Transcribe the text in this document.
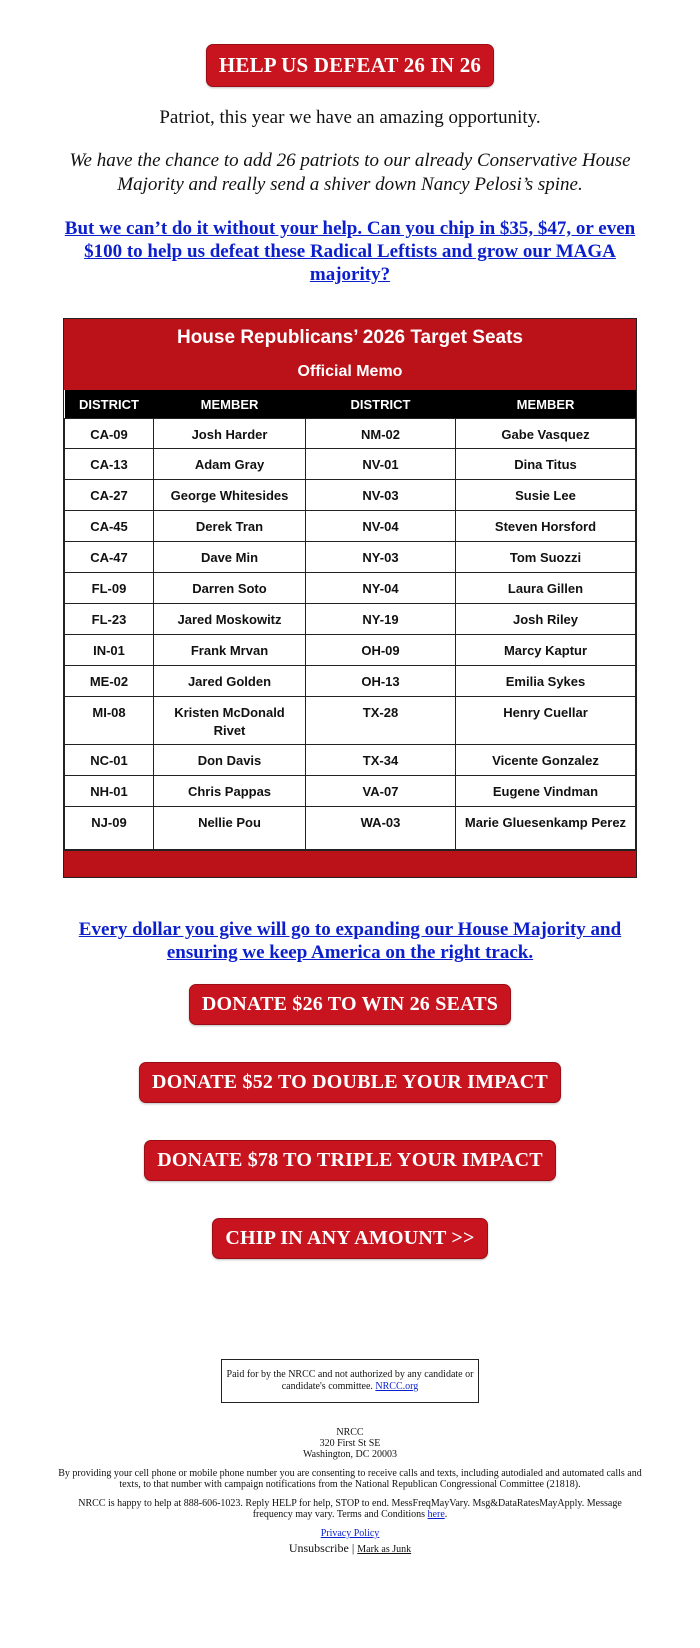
HELP US DEFEAT 26 IN 26
Patriot, this year we have an amazing opportunity.
We have the chance to add 26 patriots to our already Conservative House Majority and really send a shiver down Nancy Pelosi’s spine.
But we can’t do it without your help. Can you chip in $35, $47, or even $100 to help us defeat these Radical Leftists and grow our MAGA majority?
House Republicans’ 2026 Target Seats
Official Memo
DISTRICT	MEMBER	DISTRICT	MEMBER
CA-09	Josh Harder	NM-02	Gabe Vasquez
CA-13	Adam Gray	NV-01	Dina Titus
CA-27	George Whitesides	NV-03	Susie Lee
CA-45	Derek Tran	NV-04	Steven Horsford
CA-47	Dave Min	NY-03	Tom Suozzi
FL-09	Darren Soto	NY-04	Laura Gillen
FL-23	Jared Moskowitz	NY-19	Josh Riley
IN-01	Frank Mrvan	OH-09	Marcy Kaptur
ME-02	Jared Golden	OH-13	Emilia Sykes
MI-08	Kristen McDonald Rivet	TX-28	Henry Cuellar
NC-01	Don Davis	TX-34	Vicente Gonzalez
NH-01	Chris Pappas	VA-07	Eugene Vindman
NJ-09	Nellie Pou	WA-03	Marie Gluesenkamp Perez
Every dollar you give will go to expanding our House Majority and ensuring we keep America on the right track.
DONATE $26 TO WIN 26 SEATS
DONATE $52 TO DOUBLE YOUR IMPACT
DONATE $78 TO TRIPLE YOUR IMPACT
CHIP IN ANY AMOUNT >>
Paid for by the NRCC and not authorized by any candidate or candidate's committee. NRCC.org
NRCC
320 First St SE
Washington, DC 20003

By providing your cell phone or mobile phone number you are consenting to receive calls and texts, including autodialed and automated calls and texts, to that number with campaign notifications from the National Republican Congressional Committee (21818).

NRCC is happy to help at 888-606-1023. Reply HELP for help, STOP to end. MessFreqMayVary. Msg&DataRatesMayApply. Message frequency may vary. Terms and Conditions here.

Privacy Policy
Unsubscribe | Mark as Junk
